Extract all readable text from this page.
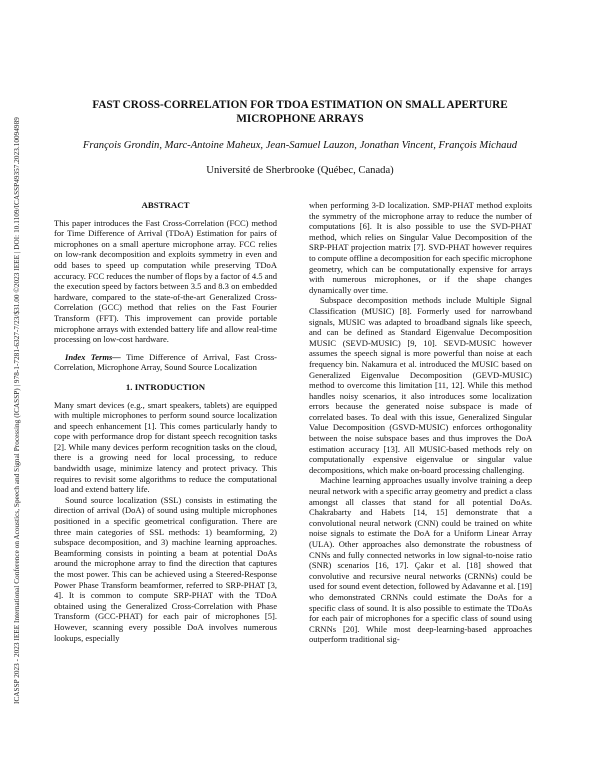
ICASSP 2023 - 2023 IEEE International Conference on Acoustics, Speech and Signal Processing (ICASSP) | 978-1-7281-6327-7/23/$31.00 ©2023 IEEE | DOI: 10.1109/ICASSP49357.2023.10094989
FAST CROSS-CORRELATION FOR TDOA ESTIMATION ON SMALL APERTURE MICROPHONE ARRAYS
François Grondin, Marc-Antoine Maheux, Jean-Samuel Lauzon, Jonathan Vincent, François Michaud
Université de Sherbrooke (Québec, Canada)
ABSTRACT

This paper introduces the Fast Cross-Correlation (FCC) method for Time Difference of Arrival (TDoA) Estimation for pairs of microphones on a small aperture microphone array. FCC relies on low-rank decomposition and exploits symmetry in even and odd bases to speed up computation while preserving TDoA accuracy. FCC reduces the number of flops by a factor of 4.5 and the execution speed by factors between 3.5 and 8.3 on embedded hardware, compared to the state-of-the-art Generalized Cross-Correlation (GCC) method that relies on the Fast Fourier Transform (FFT). This improvement can provide portable microphone arrays with extended battery life and allow real-time processing on low-cost hardware.

Index Terms— Time Difference of Arrival, Fast Cross-Correlation, Microphone Array, Sound Source Localization

1. INTRODUCTION

Many smart devices (e.g., smart speakers, tablets) are equipped with multiple microphones to perform sound source localization and speech enhancement [1]. This comes particularly handy to cope with performance drop for distant speech recognition tasks [2]. While many devices perform recognition tasks on the cloud, there is a growing need for local processing, to reduce bandwidth usage, minimize latency and protect privacy. This requires to revisit some algorithms to reduce the computational load and extend battery life.

Sound source localization (SSL) consists in estimating the direction of arrival (DoA) of sound using multiple microphones positioned in a specific geometrical configuration. There are three main categories of SSL methods: 1) beamforming, 2) subspace decomposition, and 3) machine learning approaches. Beamforming consists in pointing a beam at potential DoAs around the microphone array to find the direction that captures the most power. This can be achieved using a Steered-Response Power Phase Transform beamformer, referred to SRP-PHAT [3, 4]. It is common to compute SRP-PHAT with the TDoA obtained using the Generalized Cross-Correlation with Phase Transform (GCC-PHAT) for each pair of microphones [5]. However, scanning every possible DoA involves numerous lookups, especially

when performing 3-D localization. SMP-PHAT method exploits the symmetry of the microphone array to reduce the number of computations [6]. It is also possible to use the SVD-PHAT method, which relies on Singular Value Decomposition of the SRP-PHAT projection matrix [7]. SVD-PHAT however requires to compute offline a decomposition for each specific microphone geometry, which can be computationally expensive for arrays with numerous microphones, or if the shape changes dynamically over time.

Subspace decomposition methods include Multiple Signal Classification (MUSIC) [8]. Formerly used for narrowband signals, MUSIC was adapted to broadband signals like speech, and can be defined as Standard Eigenvalue Decomposition MUSIC (SEVD-MUSIC) [9, 10]. SEVD-MUSIC however assumes the speech signal is more powerful than noise at each frequency bin. Nakamura et al. introduced the MUSIC based on Generalized Eigenvalue Decomposition (GEVD-MUSIC) method to overcome this limitation [11, 12]. While this method handles noisy scenarios, it also introduces some localization errors because the generated noise subspace is made of correlated bases. To deal with this issue, Generalized Singular Value Decomposition (GSVD-MUSIC) enforces orthogonality between the noise subspace bases and thus improves the DoA estimation accuracy [13]. All MUSIC-based methods rely on computationally expensive eigenvalue or singular value decompositions, which make on-board processing challenging.

Machine learning approaches usually involve training a deep neural network with a specific array geometry and predict a class amongst all classes that stand for all potential DoAs. Chakrabarty and Habets [14, 15] demonstrate that a convolutional neural network (CNN) could be trained on white noise signals to estimate the DoA for a Uniform Linear Array (ULA). Other approaches also demonstrate the robustness of CNNs and fully connected networks in low signal-to-noise ratio (SNR) scenarios [16, 17]. Çakır et al. [18] showed that convolutive and recursive neural networks (CRNNs) could be used for sound event detection, followed by Adavanne et al. [19] who demonstrated CRNNs could estimate the DoAs for a specific class of sound. It is also possible to estimate the TDoAs for each pair of microphones for a specific class of sound using CRNNs [20]. While most deep-learning-based approaches outperform traditional sig-
